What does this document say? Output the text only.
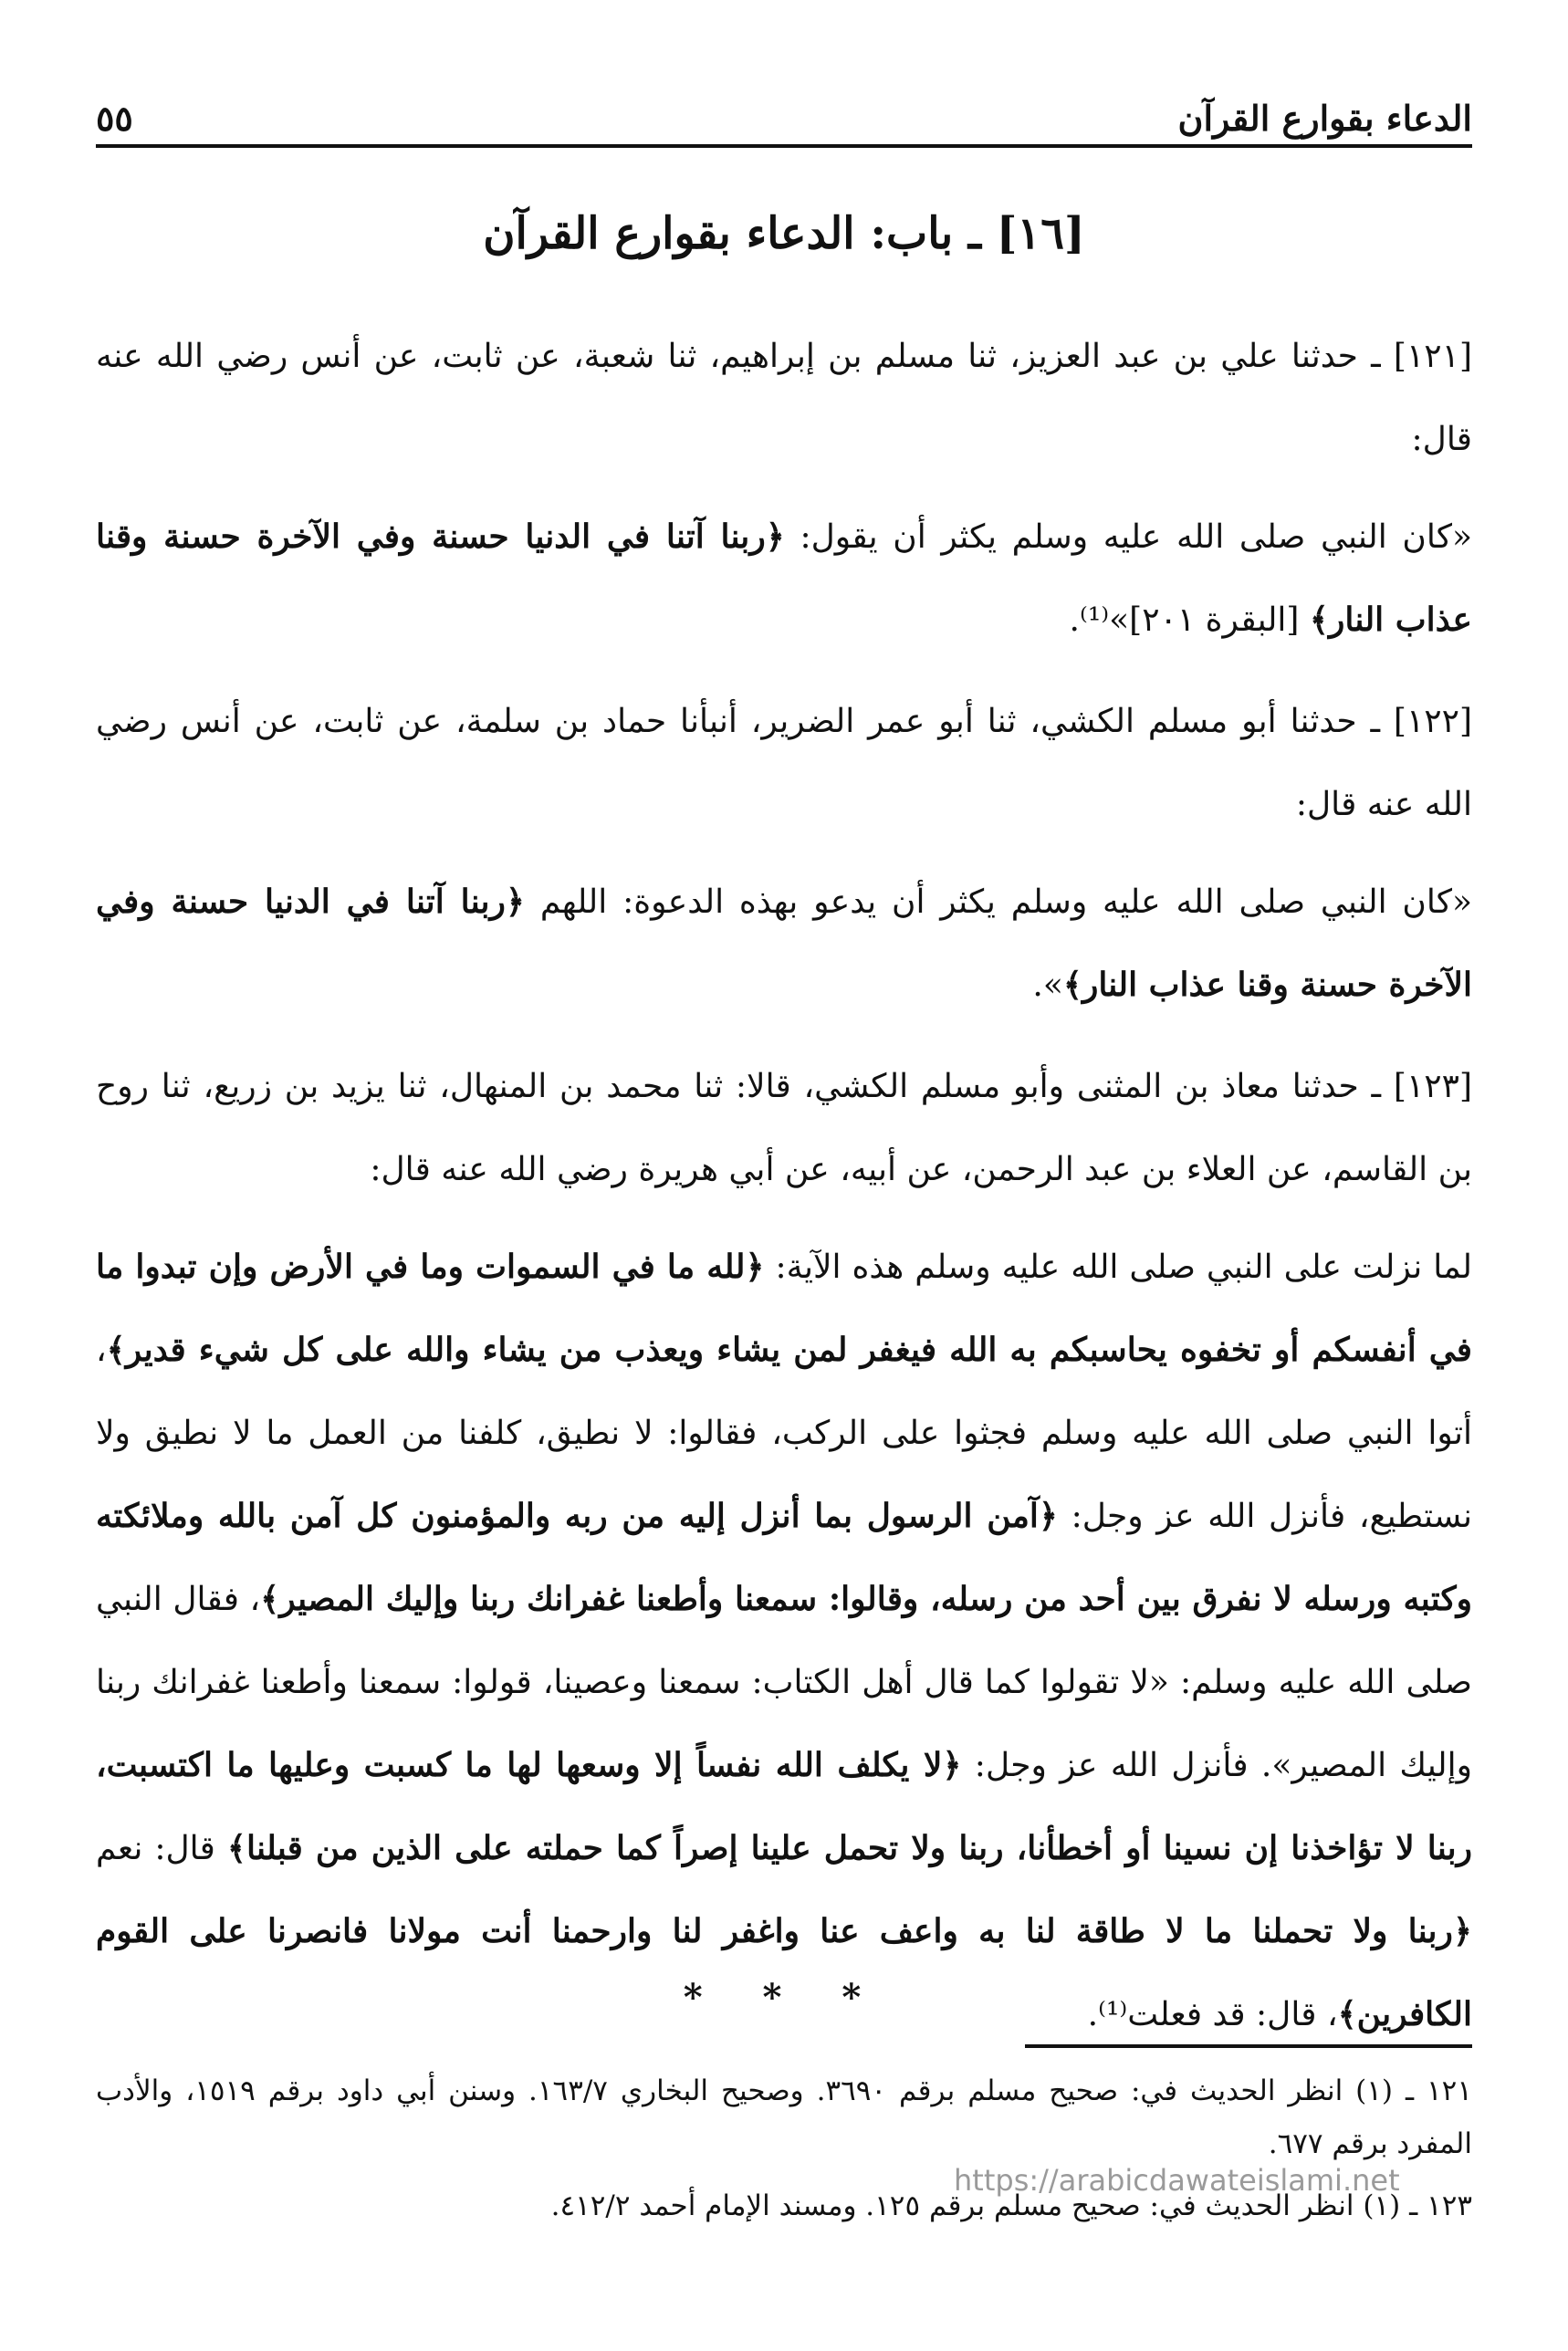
الدعاء بقوارع القرآن
٥٥
[١٦] ـ باب: الدعاء بقوارع القرآن

[١٢١] ـ حدثنا علي بن عبد العزيز، ثنا مسلم بن إبراهيم، ثنا شعبة، عن ثابت، عن أنس رضي الله عنه قال:

«كان النبي صلى الله عليه وسلم يكثر أن يقول: ﴿ربنا آتنا في الدنيا حسنة وفي الآخرة حسنة وقنا عذاب النار﴾ [البقرة ٢٠١]»⁽¹⁾.

[١٢٢] ـ حدثنا أبو مسلم الكشي، ثنا أبو عمر الضرير، أنبأنا حماد بن سلمة، عن ثابت، عن أنس رضي الله عنه قال:

«كان النبي صلى الله عليه وسلم يكثر أن يدعو بهذه الدعوة: اللهم ﴿ربنا آتنا في الدنيا حسنة وفي الآخرة حسنة وقنا عذاب النار﴾».

[١٢٣] ـ حدثنا معاذ بن المثنى وأبو مسلم الكشي، قالا: ثنا محمد بن المنهال، ثنا يزيد بن زريع، ثنا روح بن القاسم، عن العلاء بن عبد الرحمن، عن أبيه، عن أبي هريرة رضي الله عنه قال:

لما نزلت على النبي صلى الله عليه وسلم هذه الآية: ﴿لله ما في السموات وما في الأرض وإن تبدوا ما في أنفسكم أو تخفوه يحاسبكم به الله فيغفر لمن يشاء ويعذب من يشاء والله على كل شيء قدير﴾، أتوا النبي صلى الله عليه وسلم فجثوا على الركب، فقالوا: لا نطيق، كلفنا من العمل ما لا نطيق ولا نستطيع، فأنزل الله عز وجل: ﴿آمن الرسول بما أنزل إليه من ربه والمؤمنون كل آمن بالله وملائكته وكتبه ورسله لا نفرق بين أحد من رسله، وقالوا: سمعنا وأطعنا غفرانك ربنا وإليك المصير﴾، فقال النبي صلى الله عليه وسلم: «لا تقولوا كما قال أهل الكتاب: سمعنا وعصينا، قولوا: سمعنا وأطعنا غفرانك ربنا وإليك المصير». فأنزل الله عز وجل: ﴿لا يكلف الله نفساً إلا وسعها لها ما كسبت وعليها ما اكتسبت، ربنا لا تؤاخذنا إن نسينا أو أخطأنا، ربنا ولا تحمل علينا إصراً كما حملته على الذين من قبلنا﴾ قال: نعم ﴿ربنا ولا تحملنا ما لا طاقة لنا به واعف عنا واغفر لنا وارحمنا أنت مولانا فانصرنا على القوم الكافرين﴾، قال: قد فعلت⁽¹⁾.

* * *

١٢١ ـ (١) انظر الحديث في: صحيح مسلم برقم ٣٦٩٠. وصحيح البخاري ١٦٣/٧. وسنن أبي داود برقم ١٥١٩، والأدب المفرد برقم ٦٧٧.

١٢٣ ـ (١) انظر الحديث في: صحيح مسلم برقم ١٢٥. ومسند الإمام أحمد ٤١٢/٢.

https://arabicdawateislami.net
